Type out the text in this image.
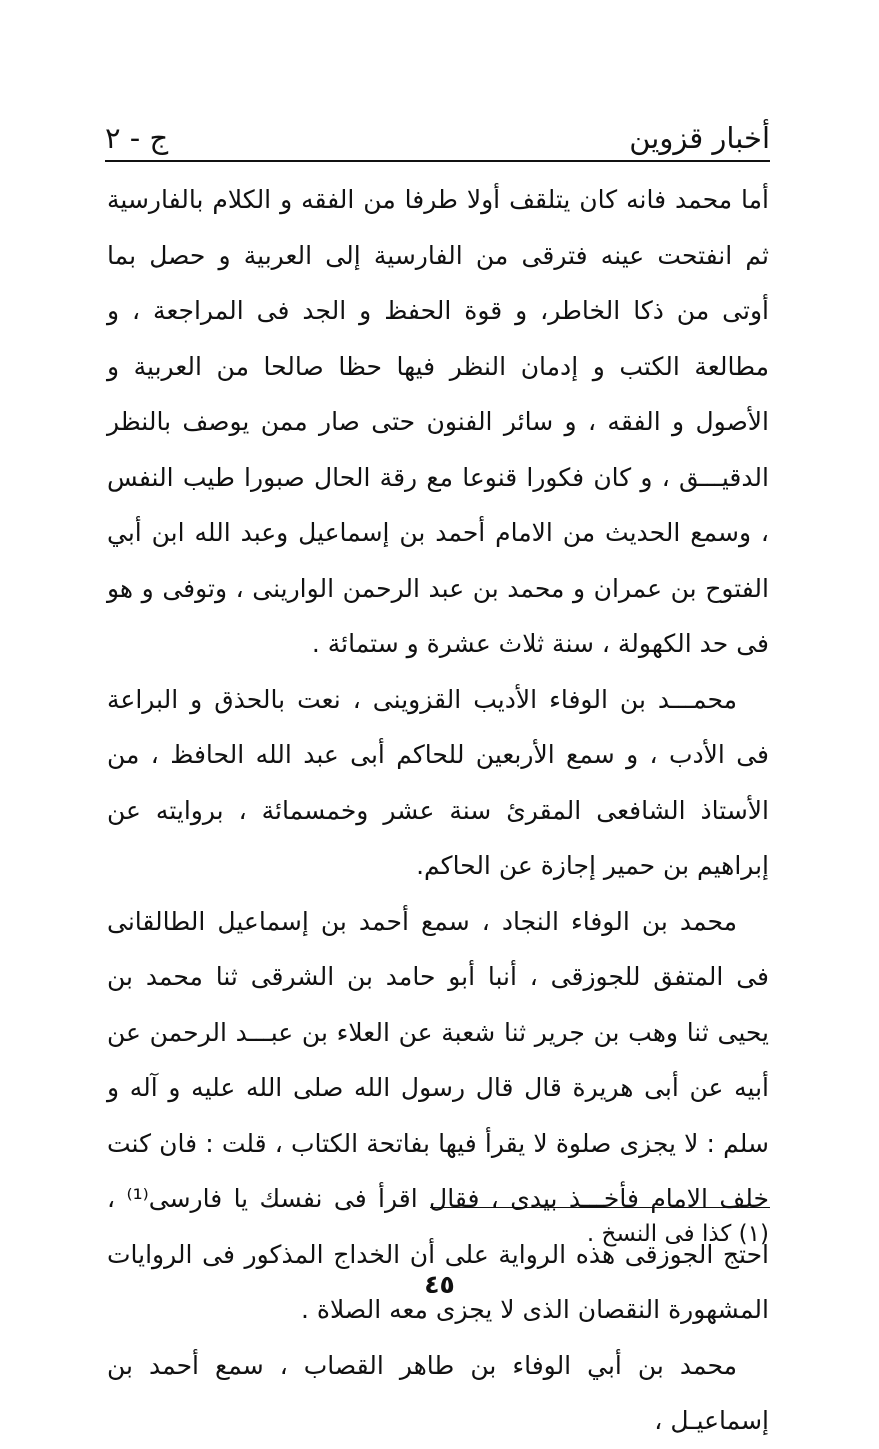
أخبار قزوين
ج - ٢

أما محمد فانه كان يتلقف أولا طرفا من الفقه و الكلام بالفارسية ثم انفتحت عينه فترقى من الفارسية إلى العربية و حصل بما أوتى من ذكا الخاطر، و قوة الحفظ و الجد فى المراجعة ، و مطالعة الكتب و إدمان النظر فيها حظا صالحا من العربية و الأصول و الفقه ، و سائر الفنون حتى صار ممن يوصف بالنظر الدقيـــق ، و كان فكورا قنوعا مع رقة الحال صبورا طيب النفس ، وسمع الحديث من الامام أحمد بن إسماعيل وعبد الله ابن أبي الفتوح بن عمران و محمد بن عبد الرحمن الوارينى ، وتوفى و هو فى حد الكهولة ، سنة ثلاث عشرة و ستمائة .

محمـــد بن الوفاء الأديب القزوينى ، نعت بالحذق و البراعة فى الأدب ، و سمع الأربعين للحاكم أبى عبد الله الحافظ ، من الأستاذ الشافعى المقرئ سنة عشر وخمسمائة ، بروايته عن إبراهيم بن حمير إجازة عن الحاكم.

محمد بن الوفاء النجاد ، سمع أحمد بن إسماعيل الطالقانى فى المتفق للجوزقى ، أنبا أبو حامد بن الشرقى ثنا محمد بن يحيى ثنا وهب بن جرير ثنا شعبة عن العلاء بن عبـــد الرحمن عن أبيه عن أبى هريرة قال قال رسول الله صلى الله عليه و آله و سلم : لا يجزى صلوة لا يقرأ فيها بفاتحة الكتاب ، قلت : فان كنت خلف الامام فأخـــذ بيدى ، فقال اقرأ فى نفسك يا فارسى⁽¹⁾ ، احتج الجوزقى هذه الرواية على أن الخداج المذكور فى الروايات المشهورة النقصان الذى لا يجزى معه الصلاة .

محمد بن أبي الوفاء بن طاهر القصاب ، سمع أحمد بن إسماعيـل ،

(١) كذا فى النسخ .
٤٥
